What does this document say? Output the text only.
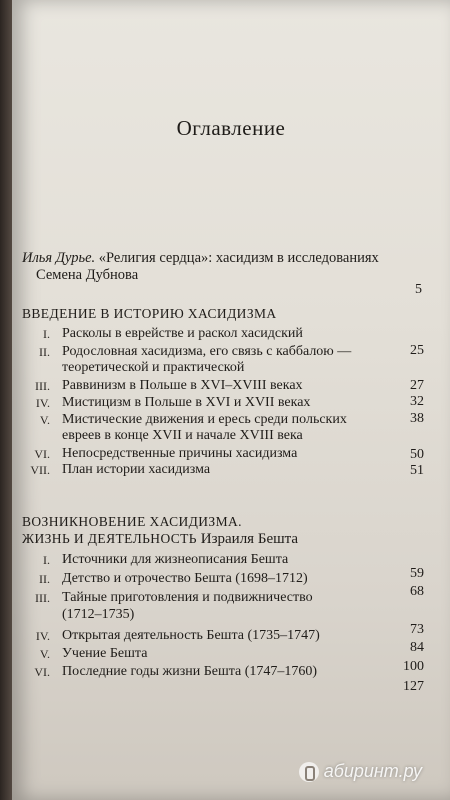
Оглавление
Илья Дурье. «Религия сердца»: хасидизм в исследованиях
Семена Дубнова
5
ВВЕДЕНИЕ В ИСТОРИЮ ХАСИДИЗМА
I. Расколы в еврействе и раскол хасидский
II. Родословная хасидизма, его связь с каббалою —
теоретической и практической
III. Раввинизм в Польше в XVI–XVIII веках
IV. Мистицизм в Польше в XVI и XVII веках
V. Мистические движения и ересь среди польских
евреев в конце XVII и начале XVIII века
VI. Непосредственные причины хасидизма
VII. План истории хасидизма
25
27
32
38
50
51
ВОЗНИКНОВЕНИЕ ХАСИДИЗМА.
ЖИЗНЬ И ДЕЯТЕЛЬНОСТЬ Израиля Бешта
I. Источники для жизнеописания Бешта
II. Детство и отрочество Бешта (1698–1712)
III. Тайные приготовления и подвижничество
(1712–1735)
IV. Открытая деятельность Бешта (1735–1747)
V. Учение Бешта
VI. Последние годы жизни Бешта (1747–1760)
59
68
73
84
100
127
абиринт.ру
